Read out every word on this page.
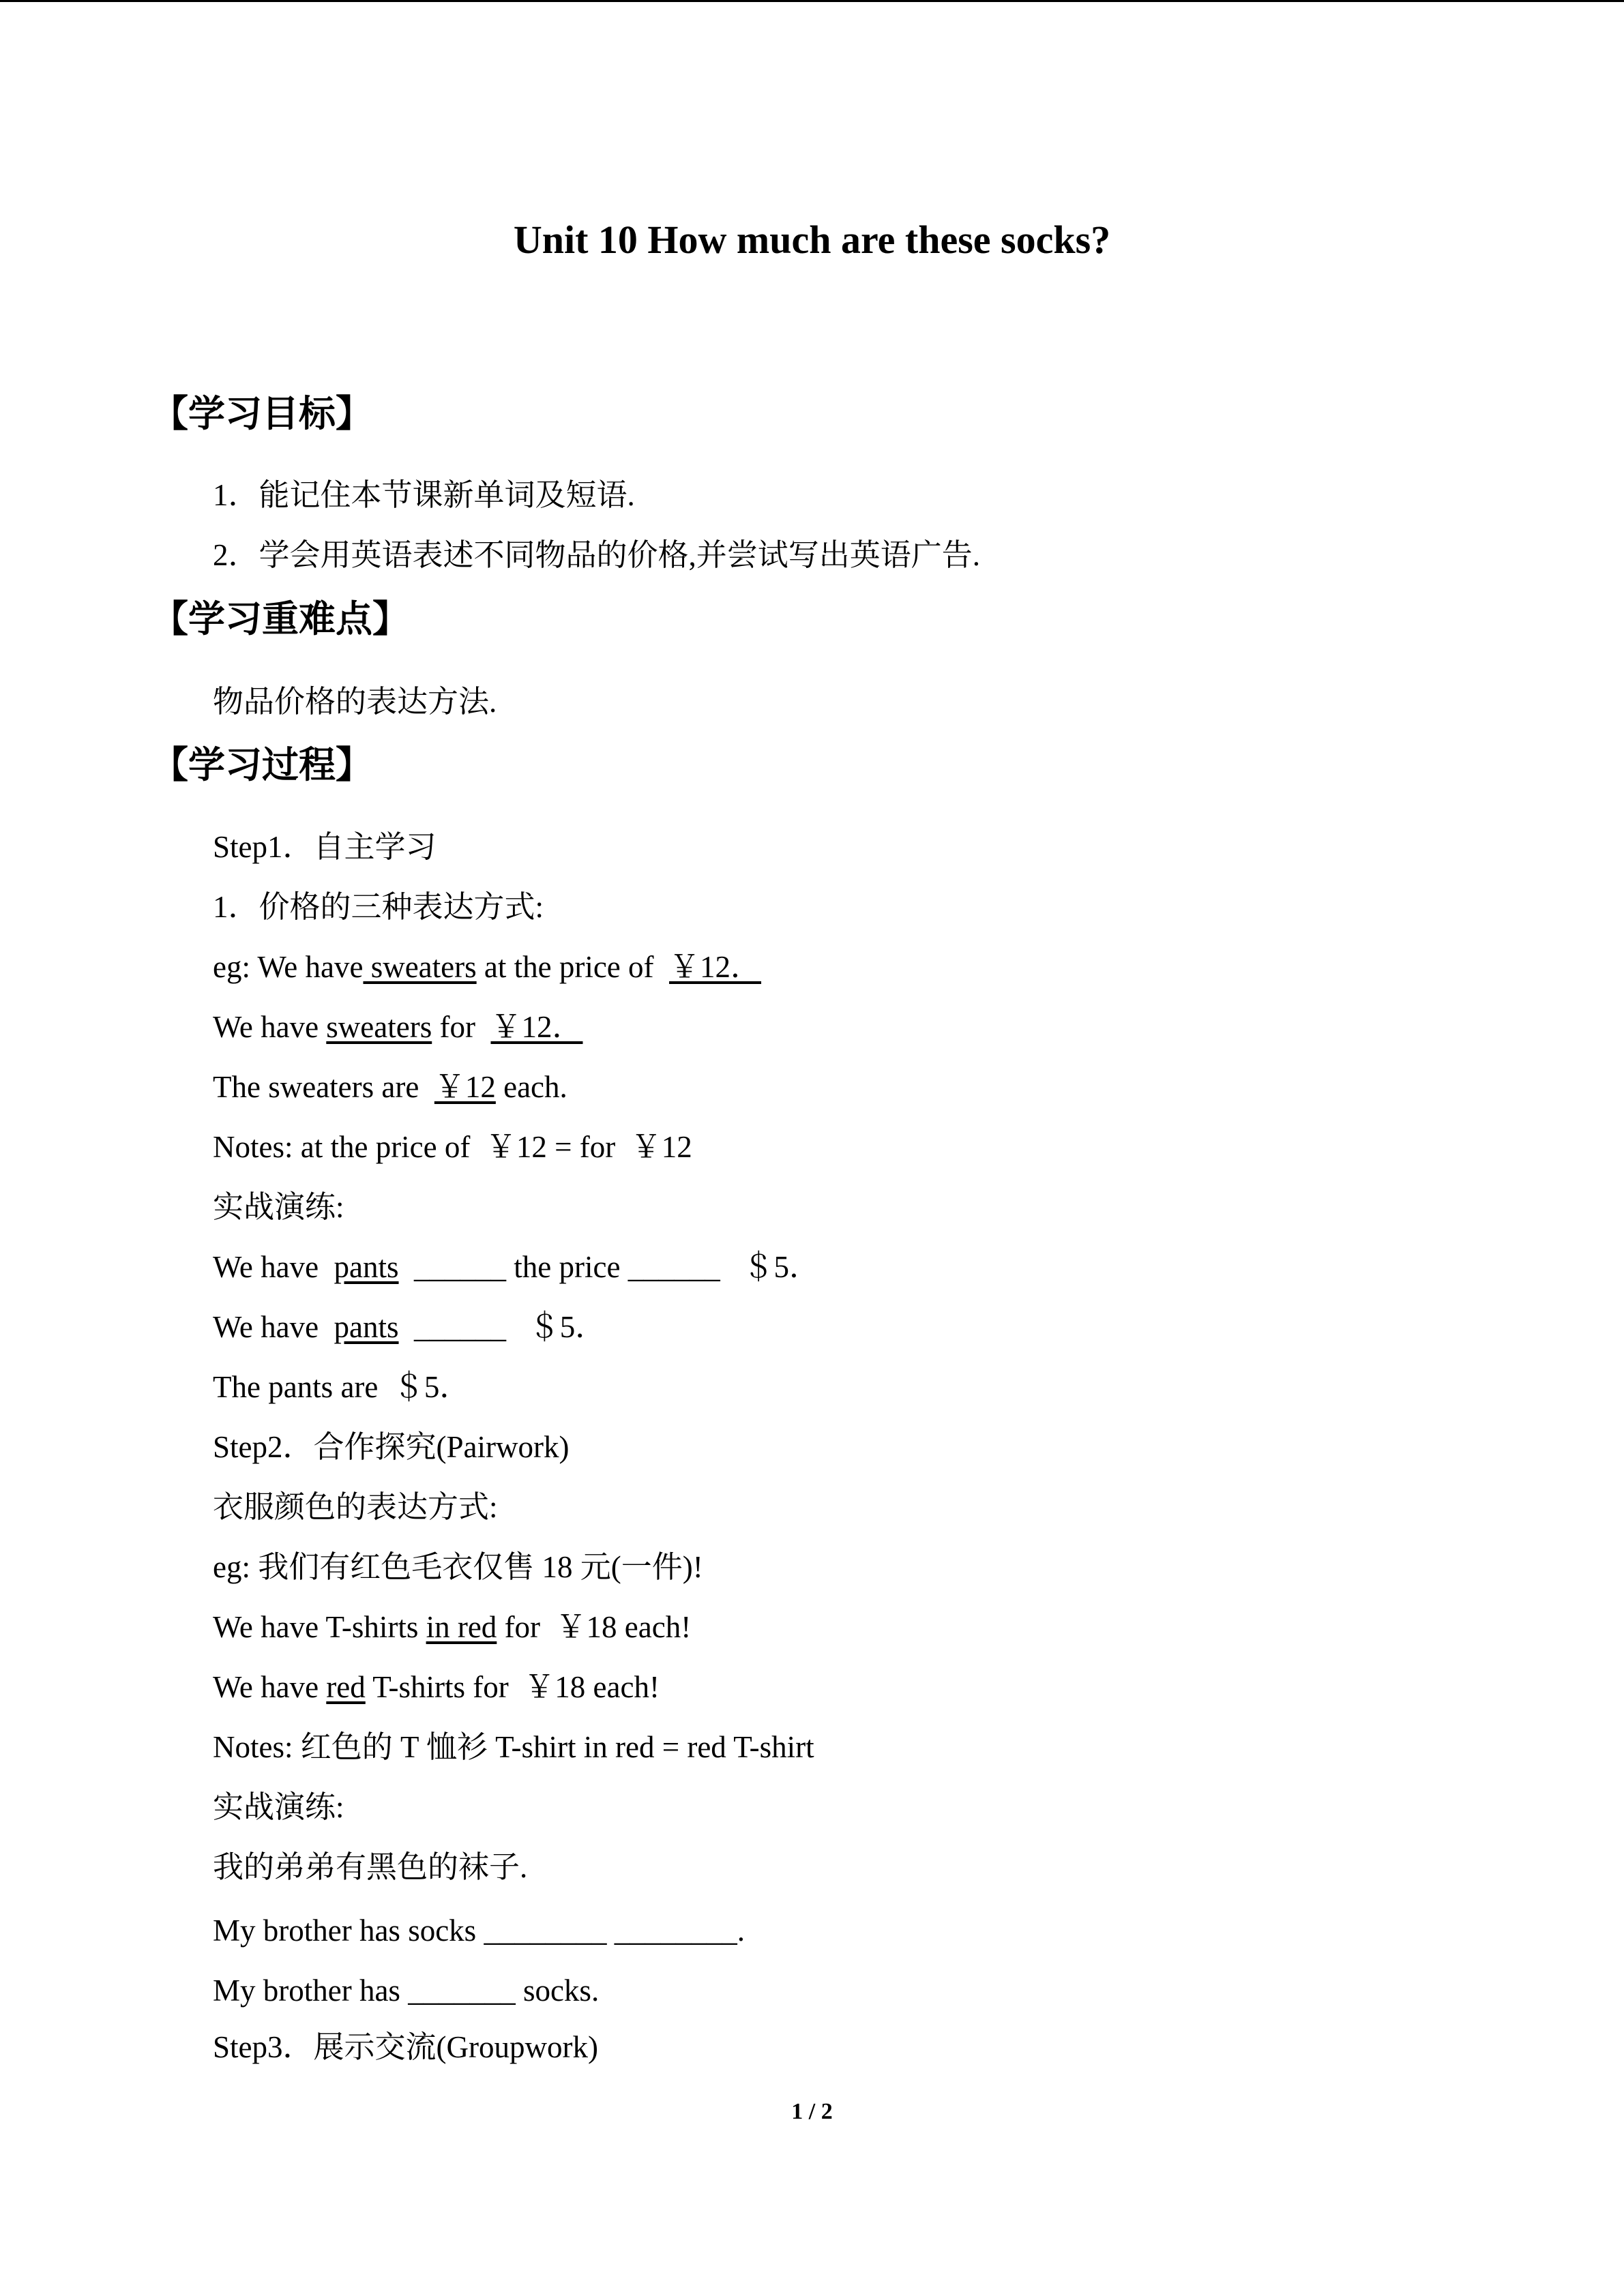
Unit 10 How much are these socks?
【学习目标】
1．能记住本节课新单词及短语.
2．学会用英语表述不同物品的价格,并尝试写出英语广告.
【学习重难点】
物品价格的表达方法.
【学习过程】
Step1．自主学习
1．价格的三种表达方式:
eg: We have sweaters at the price of  ￥12．
We have sweaters for  ￥12．
The sweaters are  ￥12 each.
Notes: at the price of  ￥12 = for  ￥12
实战演练:
We have  pants  ______ the price ______   ＄5．
We have  pants  ______   ＄5．
The pants are  ＄5．
Step2．合作探究(Pairwork)
衣服颜色的表达方式:
eg: 我们有红色毛衣仅售 18 元(一件)!
We have T-shirts in red for  ￥18 each!
We have red T-shirts for  ￥18 each!
Notes: 红色的 T 恤衫 T-shirt in red = red T-shirt
实战演练:
我的弟弟有黑色的袜子.
My brother has socks ________ ________.
My brother has _______ socks.
Step3．展示交流(Groupwork)
1 / 2
